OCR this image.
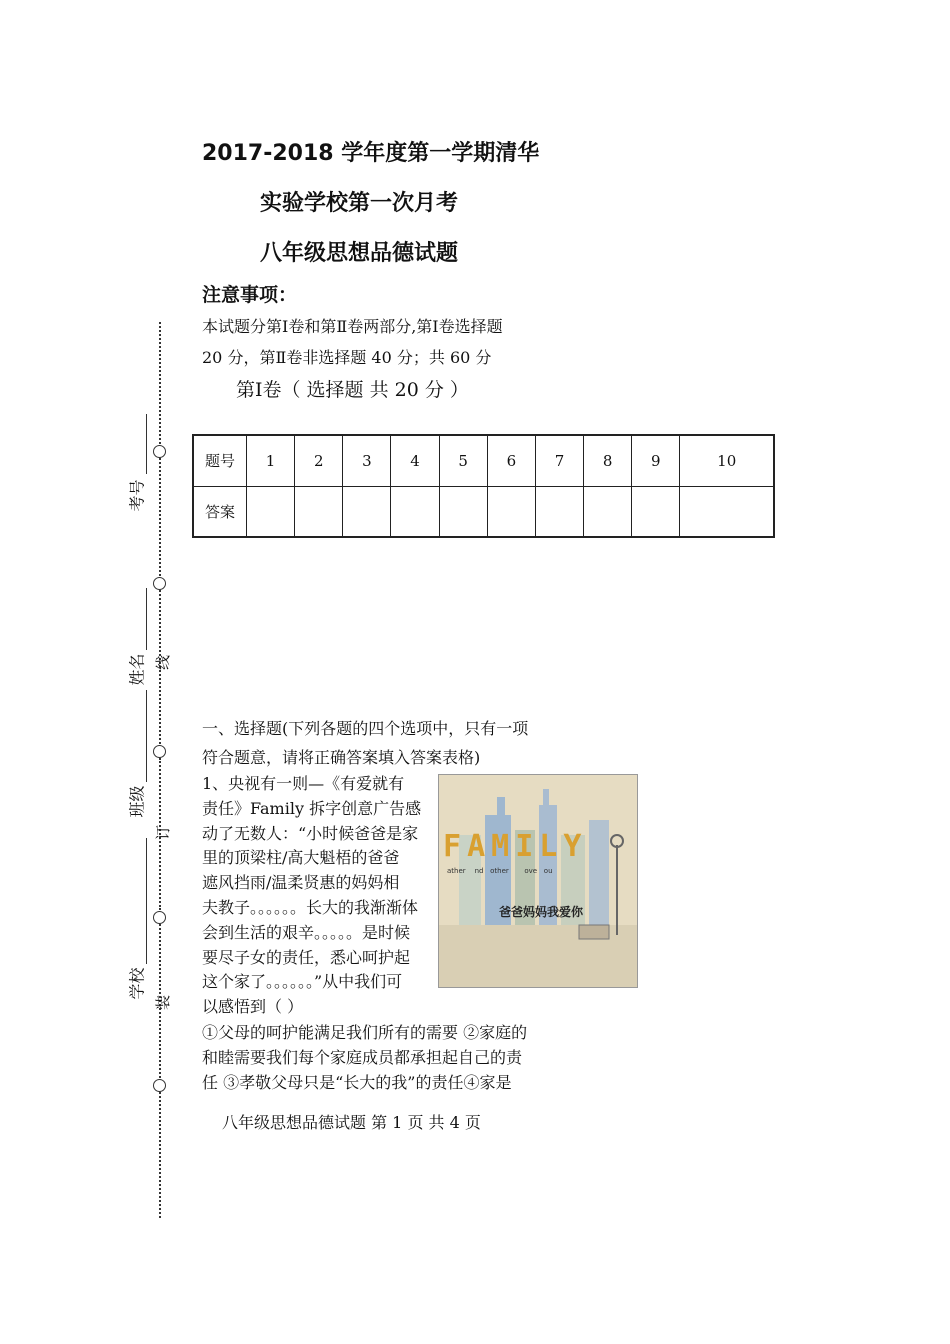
2017-2018 学年度第一学期清华
实验学校第一次月考
八年级思想品德试题
注意事项：
本试题分第Ⅰ卷和第Ⅱ卷两部分,第Ⅰ卷选择题
20 分，第Ⅱ卷非选择题 40 分；共 60 分
第Ⅰ卷（ 选择题 共 20 分 ）
题号	1	2	3	4	5	6	7	8	9	10
答案										
线
订
装
考号
姓名
班级
学校
一、选择题(下列各题的四个选项中，只有一项
符合题意，请将正确答案填入答案表格)
1、央视有一则—《有爱就有
责任》Family 拆字创意广告感
动了无数人：“小时候爸爸是家
里的顶梁柱/高大魁梧的爸爸
遮风挡雨/温柔贤惠的妈妈相
夫教子。。。。。。长大的我渐渐体
会到生活的艰辛。。。。。是时候
要尽子女的责任，悉心呵护起
这个家了。。。。。。”从中我们可
以感悟到（ ）
①父母的呵护能满足我们所有的需要 ②家庭的
和睦需要我们每个家庭成员都承担起自己的责
任 ③孝敬父母只是“长大的我”的责任④家是
FAMILY
ather nd other ove ou
爸爸妈妈我爱你
八年级思想品德试题 第 1 页 共 4 页
